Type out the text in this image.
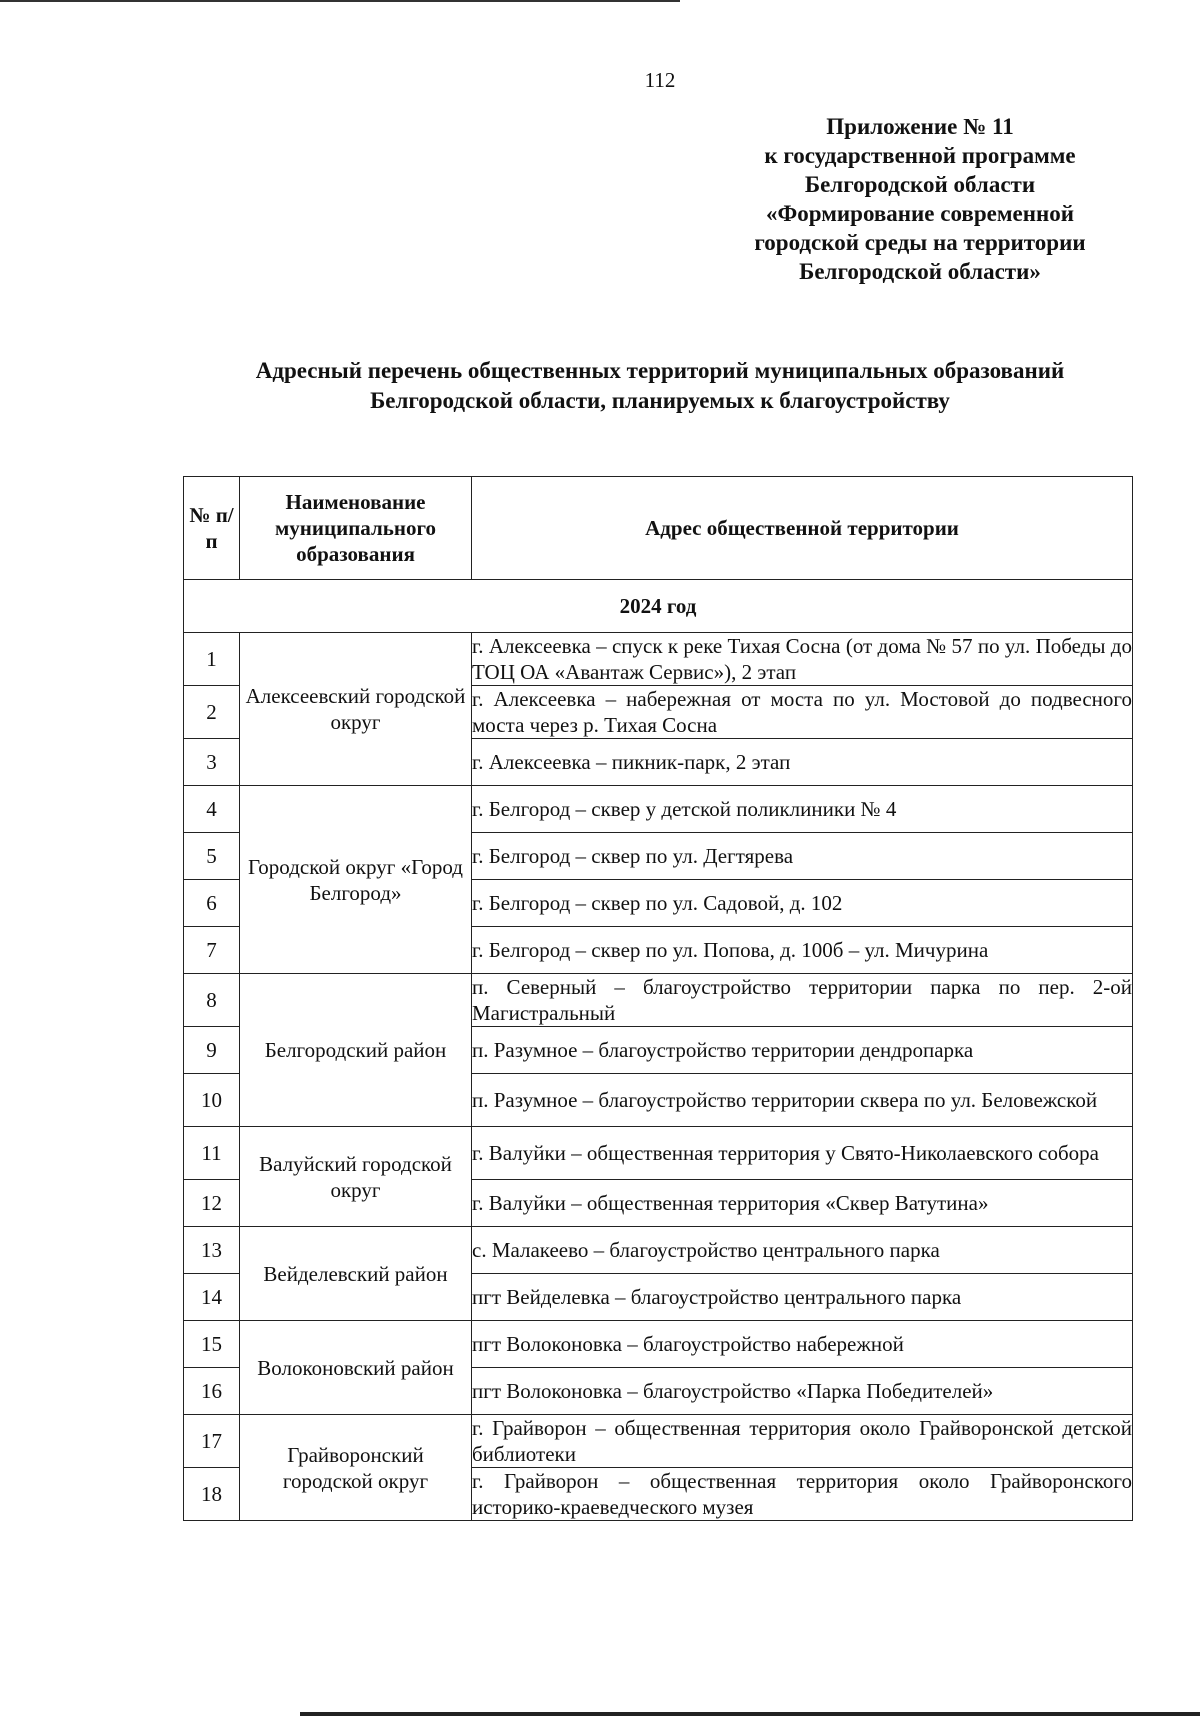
112
Приложение № 11
к государственной программе
Белгородской области
«Формирование современной
городской среды на территории
Белгородской области»
Адресный перечень общественных территорий муниципальных образований
Белгородской области, планируемых к благоустройству
№ п/п	Наименование муниципального образования	Адрес общественной территории
2024 год		
1	Алексеевский городской округ	г. Алексеевка – спуск к реке Тихая Сосна (от дома № 57 по ул. Победы до ТОЦ ОА «Авантаж Сервис»), 2 этап
2		г. Алексеевка – набережная от моста по ул. Мостовой до подвесного моста через р. Тихая Сосна
3		г. Алексеевка – пикник-парк, 2 этап
4	Городской округ «Город Белгород»	г. Белгород – сквер у детской поликлиники № 4
5		г. Белгород – сквер по ул. Дегтярева
6		г. Белгород – сквер по ул. Садовой, д. 102
7		г. Белгород – сквер по ул. Попова, д. 100б – ул. Мичурина
8	Белгородский район	п. Северный – благоустройство территории парка по пер. 2-ой Магистральный
9		п. Разумное – благоустройство территории дендропарка
10		п. Разумное – благоустройство территории сквера по ул. Беловежской
11	Валуйский городской округ	г. Валуйки – общественная территория у Свято-Николаевского собора
12		г. Валуйки – общественная территория «Сквер Ватутина»
13	Вейделевский район	с. Малакеево – благоустройство центрального парка
14		пгт Вейделевка – благоустройство центрального парка
15	Волоконовский район	пгт Волоконовка – благоустройство набережной
16		пгт Волоконовка – благоустройство «Парка Победителей»
17	Грайворонский городской округ	г. Грайворон – общественная территория около Грайворонской детской библиотеки
18		г. Грайворон – общественная территория около Грайворонского историко-краеведческого музея
